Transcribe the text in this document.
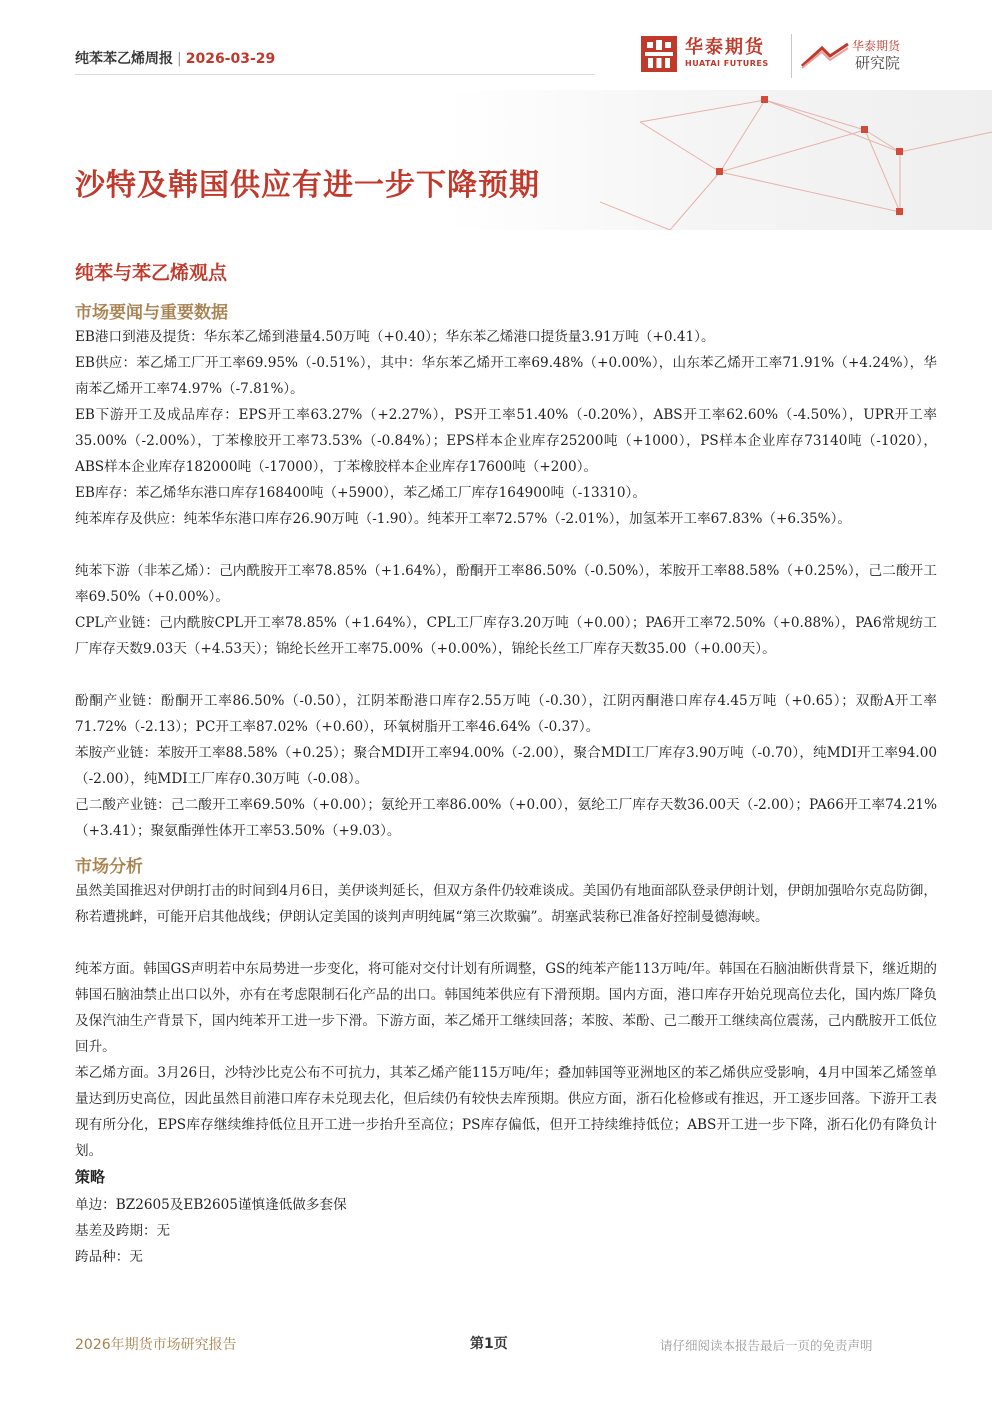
纯苯苯乙烯周报 | 2026-03-29
华泰期货
HUATAI FUTURES
华泰期货
研究院
沙特及韩国供应有进一步下降预期
纯苯与苯乙烯观点
市场要闻与重要数据

EB港口到港及提货：华东苯乙烯到港量4.50万吨（+0.40）；华东苯乙烯港口提货量3.91万吨（+0.41）。

EB供应：苯乙烯工厂开工率69.95%（-0.51%），其中：华东苯乙烯开工率69.48%（+0.00%），山东苯乙烯开工率71.91%（+4.24%），华南苯乙烯开工率74.97%（-7.81%）。

EB下游开工及成品库存：EPS开工率63.27%（+2.27%），PS开工率51.40%（-0.20%），ABS开工率62.60%（-4.50%），UPR开工率35.00%（-2.00%），丁苯橡胶开工率73.53%（-0.84%）；EPS样本企业库存25200吨（+1000），PS样本企业库存73140吨（-1020），ABS样本企业库存182000吨（-17000），丁苯橡胶样本企业库存17600吨（+200）。

EB库存：苯乙烯华东港口库存168400吨（+5900），苯乙烯工厂库存164900吨（-13310）。

纯苯库存及供应：纯苯华东港口库存26.90万吨（-1.90）。纯苯开工率72.57%（-2.01%），加氢苯开工率67.83%（+6.35%）。

纯苯下游（非苯乙烯）：己内酰胺开工率78.85%（+1.64%），酚酮开工率86.50%（-0.50%），苯胺开工率88.58%（+0.25%），己二酸开工率69.50%（+0.00%）。

CPL产业链：己内酰胺CPL开工率78.85%（+1.64%），CPL工厂库存3.20万吨（+0.00）；PA6开工率72.50%（+0.88%），PA6常规纺工厂库存天数9.03天（+4.53天）；锦纶长丝开工率75.00%（+0.00%），锦纶长丝工厂库存天数35.00（+0.00天）。

酚酮产业链：酚酮开工率86.50%（-0.50），江阴苯酚港口库存2.55万吨（-0.30），江阴丙酮港口库存4.45万吨（+0.65）；双酚A开工率71.72%（-2.13）；PC开工率87.02%（+0.60），环氧树脂开工率46.64%（-0.37）。

苯胺产业链：苯胺开工率88.58%（+0.25）；聚合MDI开工率94.00%（-2.00），聚合MDI工厂库存3.90万吨（-0.70），纯MDI开工率94.00（-2.00），纯MDI工厂库存0.30万吨（-0.08）。

己二酸产业链：己二酸开工率69.50%（+0.00）；氨纶开工率86.00%（+0.00），氨纶工厂库存天数36.00天（-2.00）；PA66开工率74.21%（+3.41）；聚氨酯弹性体开工率53.50%（+9.03）。

市场分析

虽然美国推迟对伊朗打击的时间到4月6日，美伊谈判延长，但双方条件仍较难谈成。美国仍有地面部队登录伊朗计划，伊朗加强哈尔克岛防御，称若遭挑衅，可能开启其他战线；伊朗认定美国的谈判声明纯属“第三次欺骗”。胡塞武装称已准备好控制曼德海峡。

纯苯方面。韩国GS声明若中东局势进一步变化，将可能对交付计划有所调整，GS的纯苯产能113万吨/年。韩国在石脑油断供背景下，继近期的韩国石脑油禁止出口以外，亦有在考虑限制石化产品的出口。韩国纯苯供应有下滑预期。国内方面，港口库存开始兑现高位去化，国内炼厂降负及保汽油生产背景下，国内纯苯开工进一步下滑。下游方面，苯乙烯开工继续回落；苯胺、苯酚、己二酸开工继续高位震荡，己内酰胺开工低位回升。

苯乙烯方面。3月26日，沙特沙比克公布不可抗力，其苯乙烯产能115万吨/年；叠加韩国等亚洲地区的苯乙烯供应受影响，4月中国苯乙烯签单量达到历史高位，因此虽然目前港口库存未兑现去化，但后续仍有较快去库预期。供应方面，浙石化检修或有推迟，开工逐步回落。下游开工表现有所分化，EPS库存继续维持低位且开工进一步抬升至高位；PS库存偏低，但开工持续维持低位；ABS开工进一步下降，浙石化仍有降负计划。

策略

单边：BZ2605及EB2605谨慎逢低做多套保

基差及跨期：无

跨品种：无

2026年期货市场研究报告	第1页	请仔细阅读本报告最后一页的免责声明
